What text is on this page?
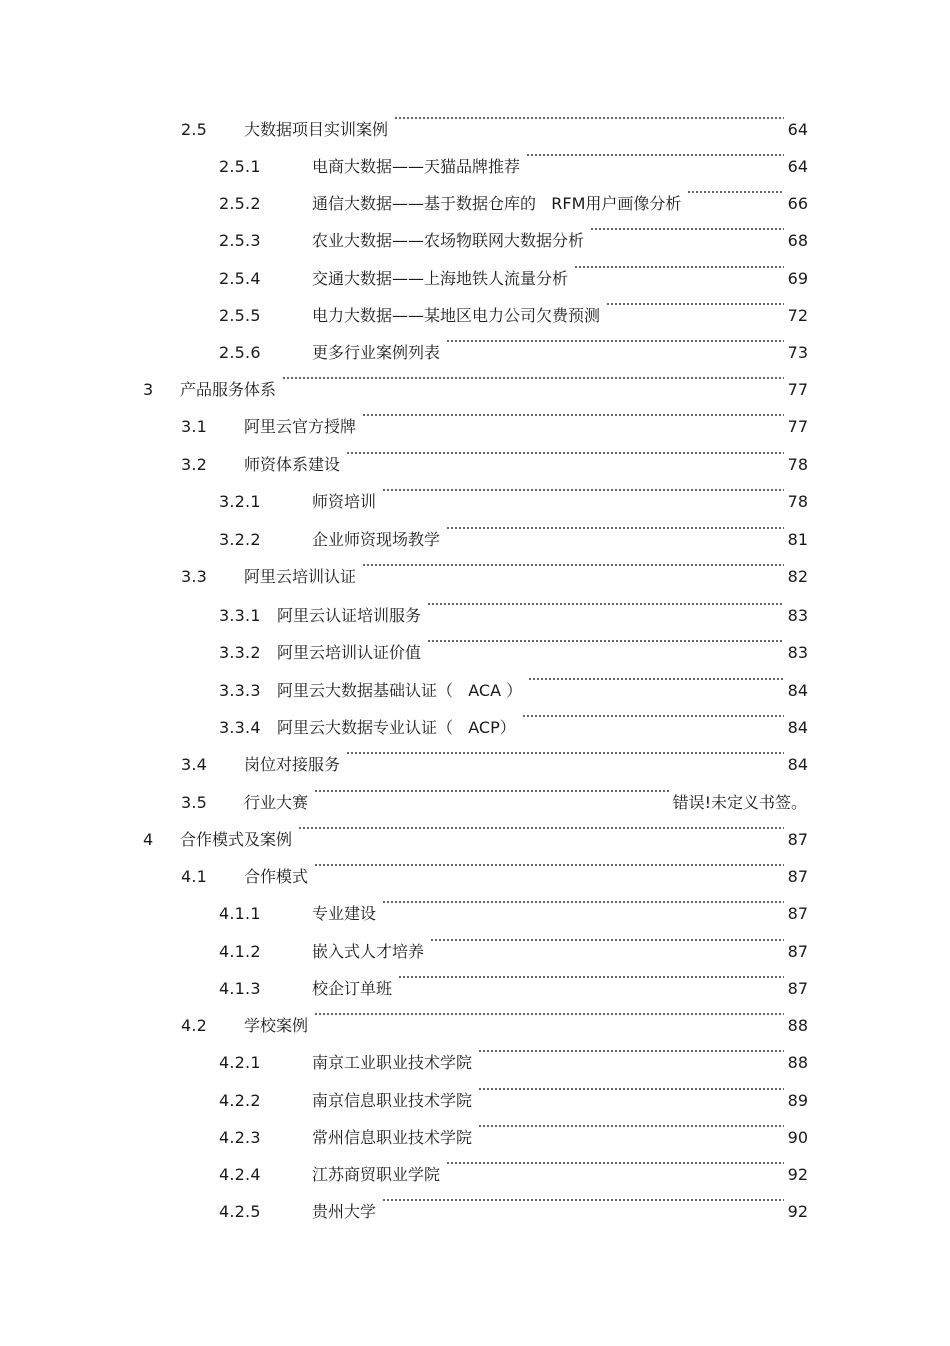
2.5 大数据项目实训案例	64
2.5.1	电商大数据——天猫品牌推荐	64
2.5.2	通信大数据——基于数据仓库的   RFM用户画像分析	66
2.5.3	农业大数据——农场物联网大数据分析	68
2.5.4	交通大数据——上海地铁人流量分析	69
2.5.5	电力大数据——某地区电力公司欠费预测	72
2.5.6	更多行业案例列表	73
3 产品服务体系	77
3.1 阿里云官方授牌	77
3.2 师资体系建设	78
3.2.1	师资培训	78
3.2.2	企业师资现场教学	81
3.3 阿里云培训认证	82
3.3.1 阿里云认证培训服务	83
3.3.2 阿里云培训认证价值	83
3.3.3 阿里云大数据基础认证（   ACA ）	84
3.3.4 阿里云大数据专业认证（   ACP）	84
3.4 岗位对接服务	84
3.5 行业大赛	错误!未定义书签。
4 合作模式及案例	87
4.1 合作模式	87
4.1.1	专业建设	87
4.1.2	嵌入式人才培养	87
4.1.3	校企订单班	87
4.2 学校案例	88
4.2.1	南京工业职业技术学院	88
4.2.2	南京信息职业技术学院	89
4.2.3	常州信息职业技术学院	90
4.2.4	江苏商贸职业学院	92
4.2.5	贵州大学	92
